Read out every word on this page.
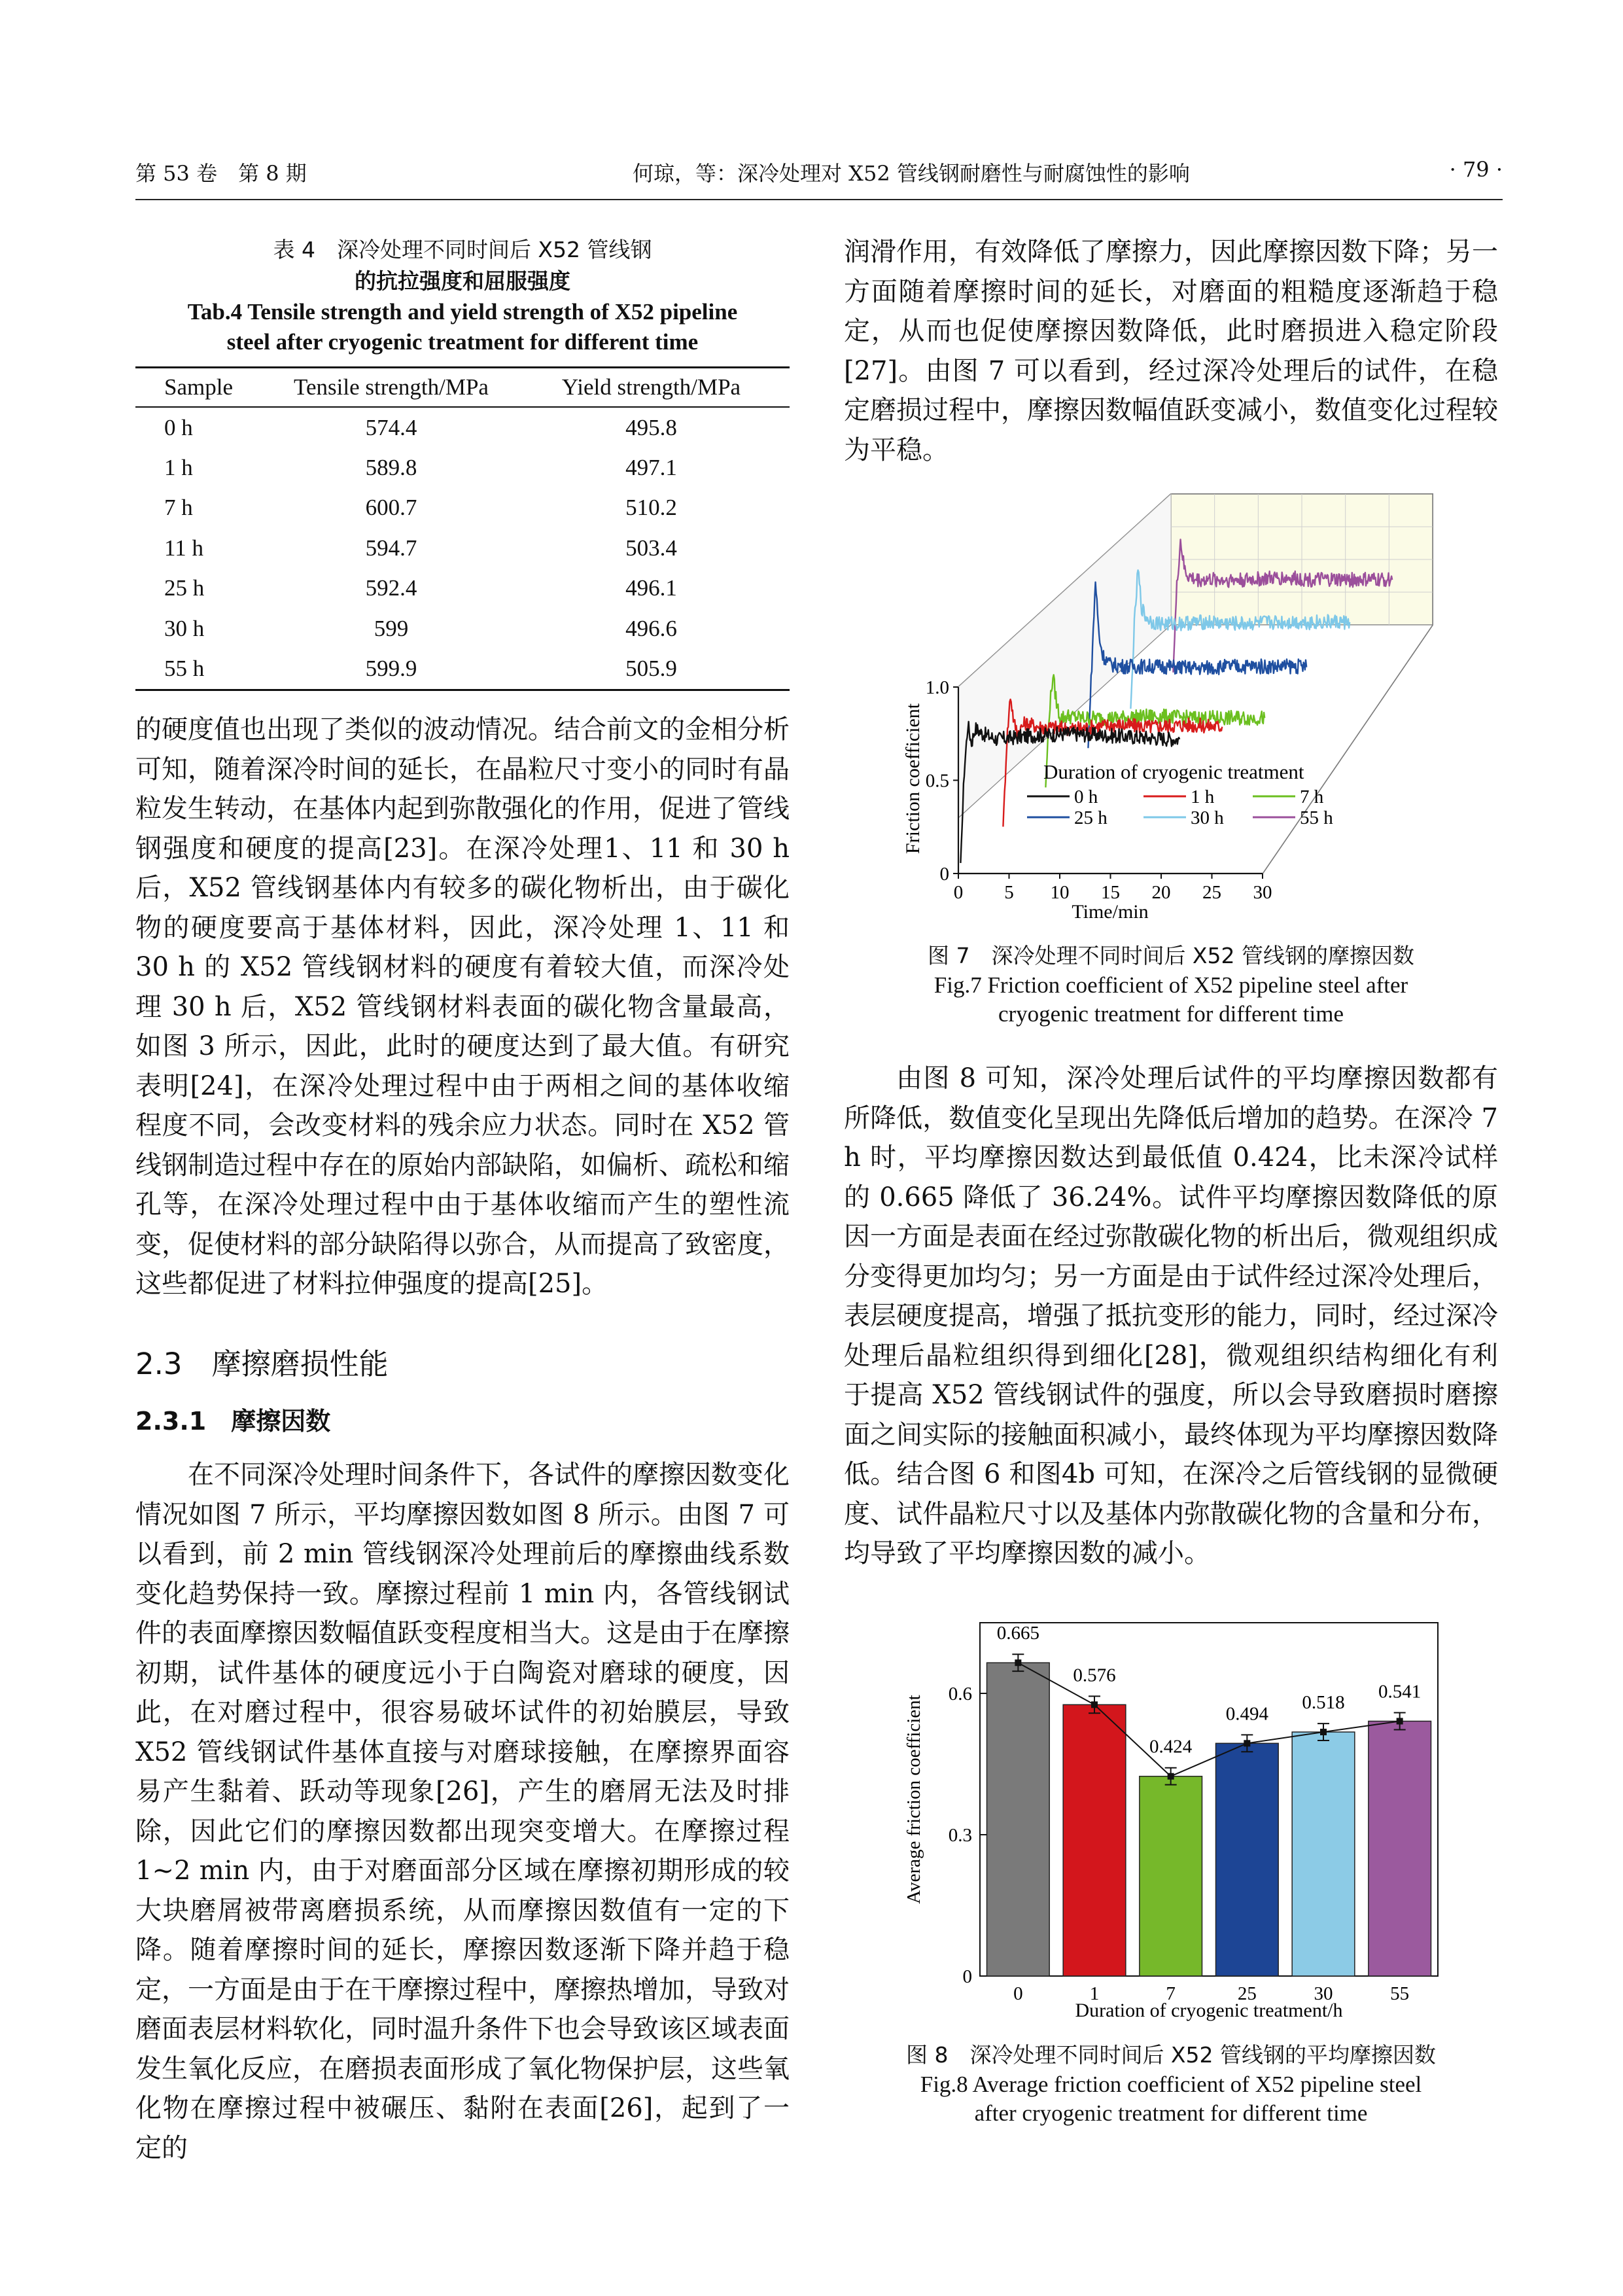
第 53 卷　第 8 期	何琼，等：深冷处理对 X52 管线钢耐磨性与耐腐蚀性的影响	· 79 ·
表 4　深冷处理不同时间后 X52 管线钢
的抗拉强度和屈服强度
Tab.4 Tensile strength and yield strength of X52 pipeline
steel after cryogenic treatment for different time
Sample	Tensile strength/MPa	Yield strength/MPa
0 h	574.4	495.8
1 h	589.8	497.1
7 h	600.7	510.2
11 h	594.7	503.4
25 h	592.4	496.1
30 h	599	496.6
55 h	599.9	505.9

的硬度值也出现了类似的波动情况。结合前文的金相分析可知，随着深冷时间的延长，在晶粒尺寸变小的同时有晶粒发生转动，在基体内起到弥散强化的作用，促进了管线钢强度和硬度的提高[23]。在深冷处理1、11 和 30 h 后，X52 管线钢基体内有较多的碳化物析出，由于碳化物的硬度要高于基体材料，因此，深冷处理 1、11 和 30 h 的 X52 管线钢材料的硬度有着较大值，而深冷处理 30 h 后，X52 管线钢材料表面的碳化物含量最高，如图 3 所示，因此，此时的硬度达到了最大值。有研究表明[24]，在深冷处理过程中由于两相之间的基体收缩程度不同，会改变材料的残余应力状态。同时在 X52 管线钢制造过程中存在的原始内部缺陷，如偏析、疏松和缩孔等，在深冷处理过程中由于基体收缩而产生的塑性流变，促使材料的部分缺陷得以弥合，从而提高了致密度，这些都促进了材料拉伸强度的提高[25]。

2.3　摩擦磨损性能
2.3.1　摩擦因数

在不同深冷处理时间条件下，各试件的摩擦因数变化情况如图 7 所示，平均摩擦因数如图 8 所示。由图 7 可以看到，前 2 min 管线钢深冷处理前后的摩擦曲线系数变化趋势保持一致。摩擦过程前 1 min 内，各管线钢试件的表面摩擦因数幅值跃变程度相当大。这是由于在摩擦初期，试件基体的硬度远小于白陶瓷对磨球的硬度，因此，在对磨过程中，很容易破坏试件的初始膜层，导致 X52 管线钢试件基体直接与对磨球接触，在摩擦界面容易产生黏着、跃动等现象[26]，产生的磨屑无法及时排除，因此它们的摩擦因数都出现突变增大。在摩擦过程 1~2 min 内，由于对磨面部分区域在摩擦初期形成的较大块磨屑被带离磨损系统，从而摩擦因数值有一定的下降。随着摩擦时间的延长，摩擦因数逐渐下降并趋于稳定，一方面是由于在干摩擦过程中，摩擦热增加，导致对磨面表层材料软化，同时温升条件下也会导致该区域表面发生氧化反应，在磨损表面形成了氧化物保护层，这些氧化物在摩擦过程中被碾压、黏附在表面[26]，起到了一定的

润滑作用，有效降低了摩擦力，因此摩擦因数下降；另一方面随着摩擦时间的延长，对磨面的粗糙度逐渐趋于稳定，从而也促使摩擦因数降低，此时磨损进入稳定阶段[27]。由图 7 可以看到，经过深冷处理后的试件，在稳定磨损过程中，摩擦因数幅值跃变减小，数值变化过程较为平稳。

0 5 10 15 20 25 30
0
0.5
1.0
Friction coefficient
Time/min
Duration of cryogenic treatment
0 h	1 h	7 h
25 h	30 h	55 h
图 7　深冷处理不同时间后 X52 管线钢的摩擦因数
Fig.7 Friction coefficient of X52 pipeline steel after
cryogenic treatment for different time

由图 8 可知，深冷处理后试件的平均摩擦因数都有所降低，数值变化呈现出先降低后增加的趋势。在深冷 7 h 时，平均摩擦因数达到最低值 0.424，比未深冷试样的 0.665 降低了 36.24%。试件平均摩擦因数降低的原因一方面是表面在经过弥散碳化物的析出后，微观组织成分变得更加均匀；另一方面是由于试件经过深冷处理后，表层硬度提高，增强了抵抗变形的能力，同时，经过深冷处理后晶粒组织得到细化[28]，微观组织结构细化有利于提高 X52 管线钢试件的强度，所以会导致磨损时磨擦面之间实际的接触面积减小，最终体现为平均摩擦因数降低。结合图 6 和图4b 可知，在深冷之后管线钢的显微硬度、试件晶粒尺寸以及基体内弥散碳化物的含量和分布，均导致了平均摩擦因数的减小。

0.665
0.576
0.424
0.494
0.518
0.541
0
0.3
0.6
0	1	7	25	30	55
Average friction coefficient
Duration of cryogenic treatment/h
图 8　深冷处理不同时间后 X52 管线钢的平均摩擦因数
Fig.8 Average friction coefficient of X52 pipeline steel
after cryogenic treatment for different time
